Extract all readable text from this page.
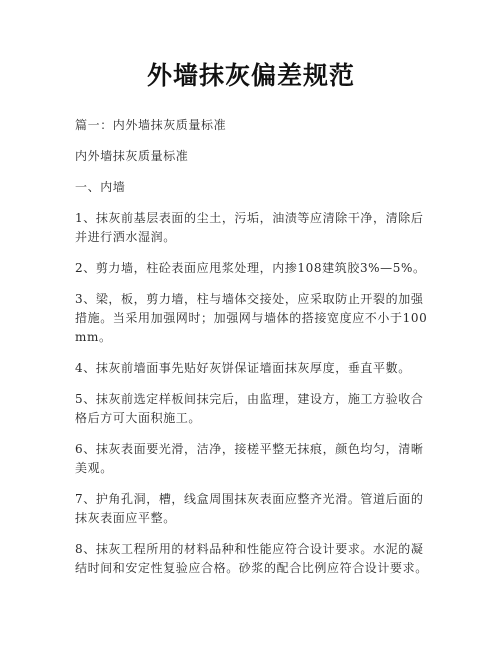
外墙抹灰偏差规范

篇一：内外墙抹灰质量标准

内外墙抹灰质量标准

一、内墙

1、抹灰前基层表面的尘土，污垢，油渍等应清除干净，清除后并进行洒水湿润。

2、剪力墙，柱砼表面应甩浆处理，内掺108建筑胶3%—5%。

3、梁，板，剪力墙，柱与墙体交接处，应采取防止开裂的加强措施。当采用加强网时；加强网与墙体的搭接宽度应不小于100mm。

4、抹灰前墙面事先贴好灰饼保证墙面抹灰厚度，垂直平數。

5、抹灰前选定样板间抹完后，由监理，建设方，施工方验收合格后方可大面积施工。

6、抹灰表面要光滑，洁净，接槎平整无抹痕，颜色均匀，清晰美观。

7、护角孔洞，槽，线盒周围抹灰表面应整齐光滑。管道后面的抹灰表面应平整。

8、抹灰工程所用的材料品种和性能应符合设计要求。水泥的凝结时间和安定性复验应合格。砂浆的配合比例应符合设计要求。
